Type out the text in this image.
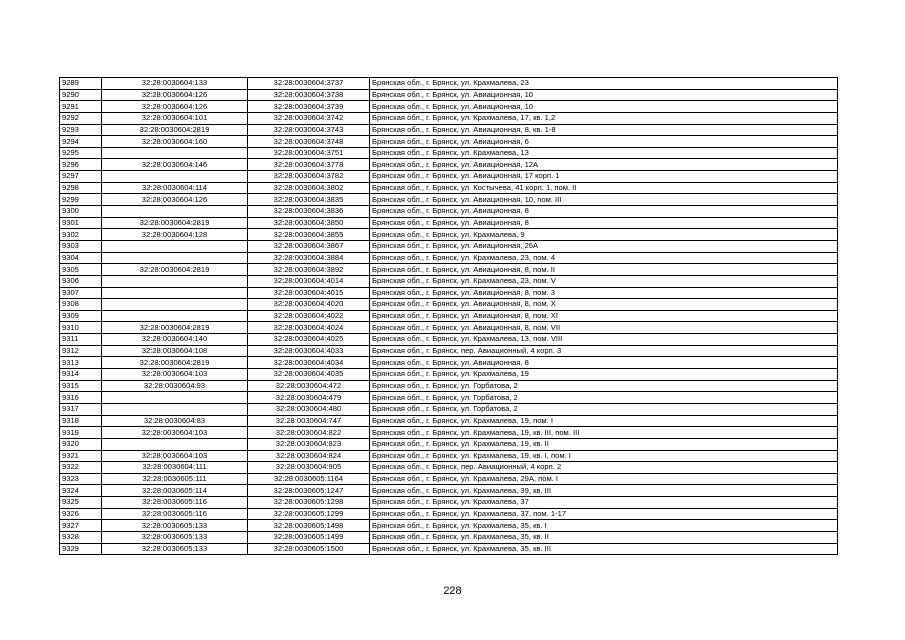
9289	32:28:0030604:133	32:28:0030604:3737	Брянская обл., г. Брянск, ул. Крахмалева, 23
9290	32:28:0030604:126	32:28:0030604:3738	Брянская обл., г. Брянск, ул. Авиационная, 10
9291	32:28:0030604:126	32:28:0030604:3739	Брянская обл., г. Брянск, ул. Авиационная, 10
9292	32:28:0030604:101	32:28:0030604:3742	Брянская обл., г. Брянск, ул. Крахмалева, 17, кв. 1,2
9293	32:28:0030604:2819	32:28:0030604:3743	Брянская обл., г. Брянск, ул. Авиационная, 8, кв. 1-8
9294	32:28:0030604:160	32:28:0030604:3748	Брянская обл., г. Брянск, ул. Авиационная, 6
9295		32:28:0030604:3751	Брянская обл., г. Брянск, ул. Крахмалева, 13
9296	32:28:0030604:146	32:28:0030604:3778	Брянская обл., г. Брянск, ул. Авиационная, 12А
9297		32:28:0030604:3782	Брянская обл., г. Брянск, ул. Авиационная, 17 корп. 1
9298	32:28:0030604:114	32:28:0030604:3802	Брянская обл., г. Брянск, ул. Костычева, 41 корп. 1, пом. II
9299	32:28:0030604:126	32:28:0030604:3835	Брянская обл., г. Брянск, ул. Авиационная, 10, пом. III
9300		32:28:0030604:3836	Брянская обл., г. Брянск, ул. Авиационная, 8
9301	32:28:0030604:2819	32:28:0030604:3850	Брянская обл., г. Брянск, ул. Авиационная, 8
9302	32:28:0030604:128	32:28:0030604:3855	Брянская обл., г. Брянск, ул. Крахмалева, 9
9303		32:28:0030604:3867	Брянская обл., г. Брянск, ул. Авиационная, 26А
9304		32:28:0030604:3884	Брянская обл., г. Брянск, ул. Крахмалева, 23, пом. 4
9305	32:28:0030604:2819	32:28:0030604:3892	Брянская обл., г. Брянск, ул. Авиационная, 8, пом. II
9306		32:28:0030604:4014	Брянская обл., г. Брянск, ул. Крахмалева, 23, пом. V
9307		32:28:0030604:4015	Брянская обл., г. Брянск, ул. Авиационная, 8, пом. 3
9308		32:28:0030604:4020	Брянская обл., г. Брянск, ул. Авиационная, 8, пом. X
9309		32:28:0030604:4022	Брянская обл., г. Брянск, ул. Авиационная, 8, пом. XI
9310	32:28:0030604:2819	32:28:0030604:4024	Брянская обл., г. Брянск, ул. Авиационная, 8, пом. VII
9311	32:28:0030604:140	32:28:0030604:4025	Брянская обл., г. Брянск, ул. Крахмалева, 13, пом. VIII
9312	32:28:0030604:108	32:28:0030604:4033	Брянская обл., г. Брянск, пер. Авиационный, 4 корп. 3
9313	32:28:0030604:2819	32:28:0030604:4034	Брянская обл., г. Брянск, ул. Авиационная, 8
9314	32:28:0030604:103	32:28:0030604:4035	Брянская обл., г. Брянск, ул. Крахмалева, 19
9315	32:28:0030604:93	32:28:0030604:472	Брянская обл., г. Брянск, ул. Горбатова, 2
9316		32:28:0030604:479	Брянская обл., г. Брянск, ул. Горбатова, 2
9317		32:28:0030604:480	Брянская обл., г. Брянск, ул. Горбатова, 2
9318	32:28:0030604:83	32:28:0030604:747	Брянская обл., г. Брянск, ул. Крахмалева, 19, пом. I
9319	32:28:0030604:103	32:28:0030604:822	Брянская обл., г. Брянск, ул. Крахмалева, 19, кв. III, пом. III
9320		32:28:0030604:823	Брянская обл., г. Брянск, ул. Крахмалева, 19, кв. II
9321	32:28:0030604:103	32:28:0030604:824	Брянская обл., г. Брянск, ул. Крахмалева, 19, кв. I, пом. I
9322	32:28:0030604:111	32:28:0030604:905	Брянская обл., г. Брянск, пер. Авиационный, 4 корп. 2
9323	32:28:0030605:111	32:28:0030605:1164	Брянская обл., г. Брянск, ул. Крахмалева, 29А, пом. I
9324	32:28:0030605:114	32:28:0030605:1247	Брянская обл., г. Брянск, ул. Крахмалева, 39, кв. III
9325	32:28:0030605:116	32:28:0030605:1298	Брянская обл., г. Брянск, ул. Крахмалева, 37
9326	32:28:0030605:116	32:28:0030605:1299	Брянская обл., г. Брянск, ул. Крахмалева, 37, пом. 1-17
9327	32:28:0030605:133	32:28:0030605:1498	Брянская обл., г. Брянск, ул. Крахмалева, 35, кв. I
9328	32:28:0030605:133	32:28:0030605:1499	Брянская обл., г. Брянск, ул. Крахмалева, 35, кв. II
9329	32:28:0030605:133	32:28:0030605:1500	Брянская обл., г. Брянск, ул. Крахмалева, 35, кв. III
228
